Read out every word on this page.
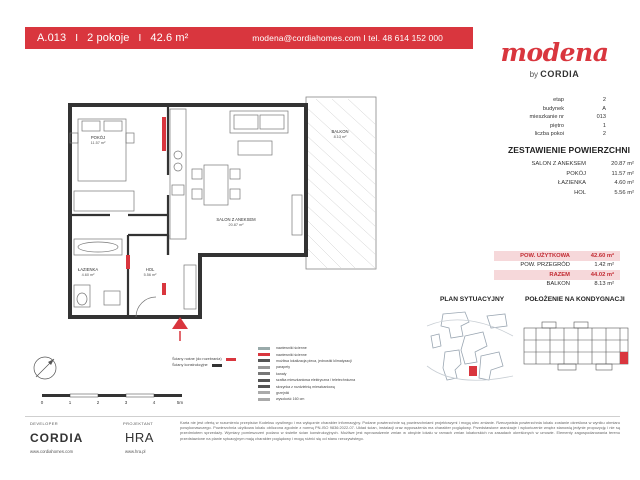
A.013 I 2 pokoje I 42.6 m²	modena@cordiahomes.com I tel. 48 614 152 000	modena
by CORDIA
etap	2
budynek	A
mieszkanie nr	013
piętro	1
liczba pokoi	2
ZESTAWIENIE POWIERZCHNI
SALON Z ANEKSEM	20.87 m²
POKÓJ	11.57 m²
ŁAZIENKA	4.60 m²
HOL	5.56 m²
POW. UŻYTKOWA	42.60 m²
POW. PRZEGRÓD	1.42 m²
RAZEM	44.02 m²
BALKON	8.13 m²
PLAN SYTUACYJNY	POŁOŻENIE NA KONDYGNACJI
POKÓJ
11.57 m²
SALON Z ANEKSEM
20.87 m²
ŁAZIENKA
4.60 m²
HOL
5.56 m²
BALKON
8.13 m²
Ściany nośne (do rozebrania)
Ściany konstrukcyjne
nawiewniki ścienne
nawiewniki ścienne
możliwa lokalizacja pieca, jednostki klimatyzacji
parapety
kanały
szafka mieszkaniowa elektryczna / teletechniczna
skrzynka z rozdzielnią mieszkaniową
grzejniki
wysokość 160 cm
0	1	2	3	4	5m
DEVELOPER
CORDIA
www.cordiahomes.com
PROJEKTANT
HRA
www.hra.pl
Karta nie jest ofertą w rozumieniu przepisów Kodeksu cywilnego i ma wyłącznie charakter informacyjny. Podane powierzchnie są powierzchniami projektowymi i mogą ulec zmianie. Rzeczywista powierzchnia lokalu zostanie określona w wyniku obmiaru powykonawczego. Powierzchnia użytkowa lokalu obliczona zgodnie z normą PN-ISO 9836:2022-07. Układ ścian, instalacji oraz wyposażenia ma charakter poglądowy. Przedstawione aranżacje i wykończenie wnętrz stanowią jedynie propozycję i nie są przedmiotem sprzedaży. Wymiary pomieszczeń podano w świetle ścian konstrukcyjnych. Możliwe jest wprowadzenie zmian w obrębie lokalu w ramach zmian lokatorskich na zasadach określonych w umowie. Elementy zagospodarowania terenu przedstawione na planie sytuacyjnym mają charakter poglądowy i mogą różnić się od stanu rzeczywistego.
